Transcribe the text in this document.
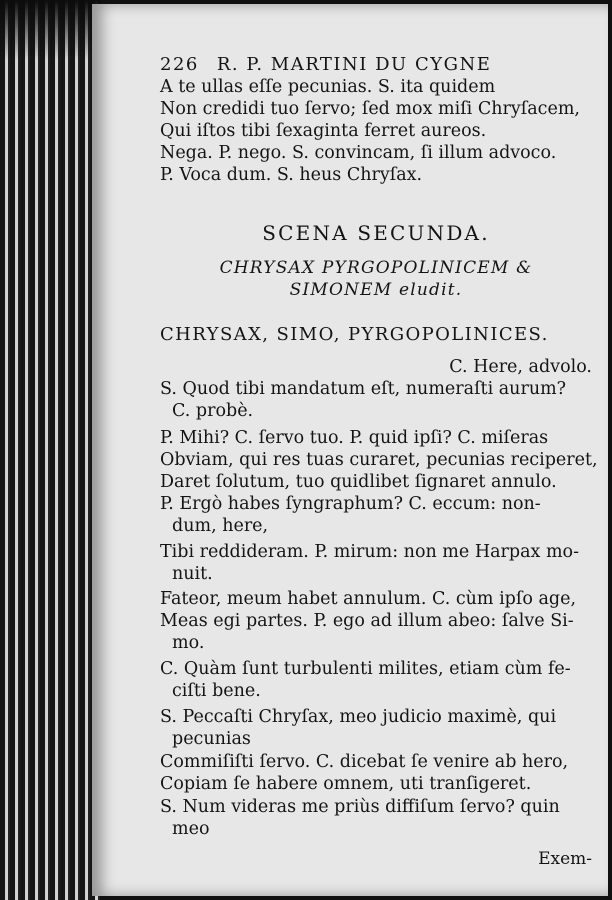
226 R. P. MARTINI DU CYGNE
A te ullas eſſe pecunias. S. ita quidem
Non credidi tuo ſervo; ſed mox miſi Chryſacem,
Qui iſtos tibi ſexaginta ferret aureos.
Nega. P. nego. S. convincam, ſi illum advoco.
P. Voca dum. S. heus Chryſax.
SCENA SECUNDA.
CHRYSAX PYRGOPOLINICEM &
SIMONEM eludit.
CHRYSAX, SIMO, PYRGOPOLINICES.
C. Here, advolo.
S. Quod tibi mandatum eſt, numeraſti aurum?
C. probè.
P. Mihi? C. ſervo tuo. P. quid ipſi? C. miſeras
Obviam, qui res tuas curaret, pecunias reciperet,
Daret ſolutum, tuo quidlibet ſignaret annulo.
P. Ergò habes ſyngraphum? C. eccum: non-
dum, here,
Tibi reddideram. P. mirum: non me Harpax mo-
nuit.
Fateor, meum habet annulum. C. cùm ipſo age,
Meas egi partes. P. ego ad illum abeo: ſalve Si-
mo.
C. Quàm ſunt turbulenti milites, etiam cùm fe-
ciſti bene.
S. Peccaſti Chryſax, meo judicio maximè, qui
pecunias
Commiſiſti ſervo. C. dicebat ſe venire ab hero,
Copiam ſe habere omnem, uti tranſigeret.
S. Num videras me priùs diffiſum ſervo? quin
meo
Exem-
